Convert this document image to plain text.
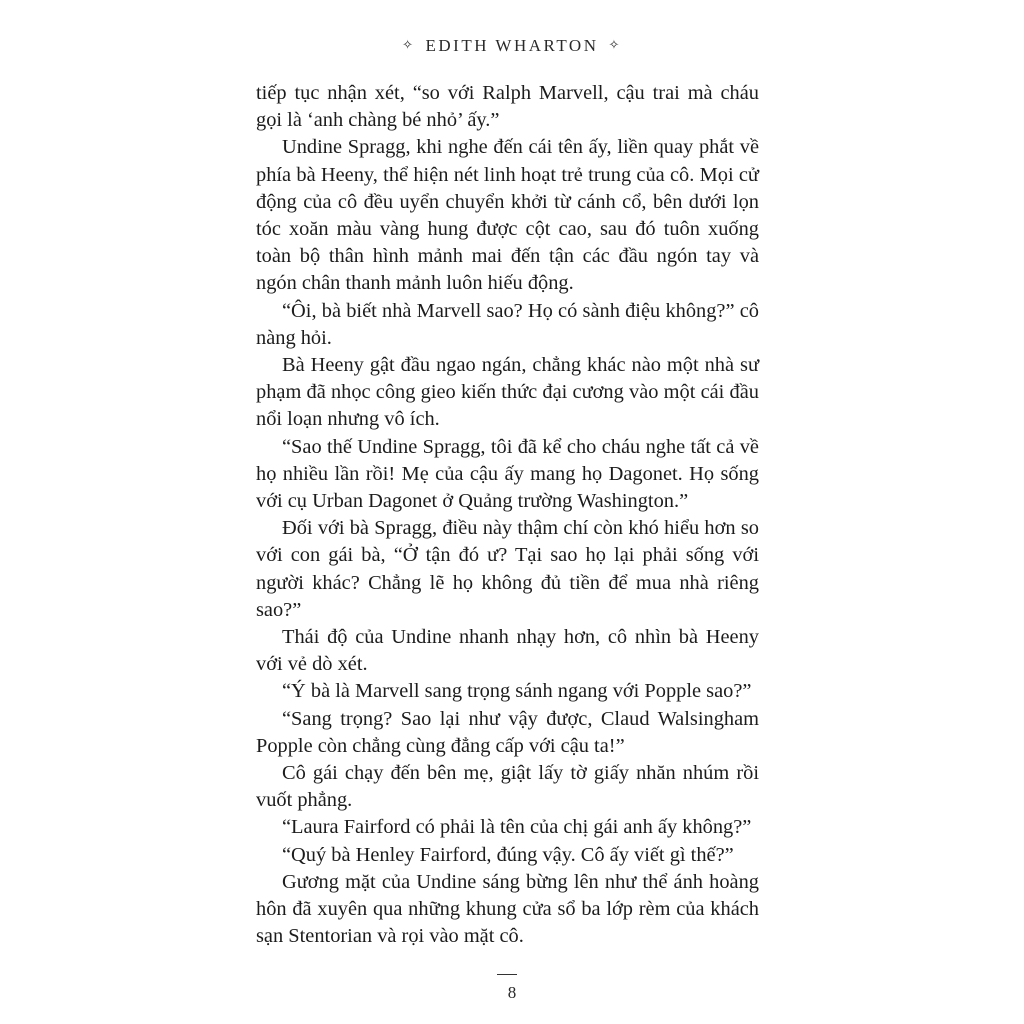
✧ EDITH WHARTON ✧

tiếp tục nhận xét, “so với Ralph Marvell, cậu trai mà cháu gọi là ‘anh chàng bé nhỏ’ ấy.”

Undine Spragg, khi nghe đến cái tên ấy, liền quay phắt về phía bà Heeny, thể hiện nét linh hoạt trẻ trung của cô. Mọi cử động của cô đều uyển chuyển khởi từ cánh cổ, bên dưới lọn tóc xoăn màu vàng hung được cột cao, sau đó tuôn xuống toàn bộ thân hình mảnh mai đến tận các đầu ngón tay và ngón chân thanh mảnh luôn hiếu động.

“Ôi, bà biết nhà Marvell sao? Họ có sành điệu không?” cô nàng hỏi.

Bà Heeny gật đầu ngao ngán, chẳng khác nào một nhà sư phạm đã nhọc công gieo kiến thức đại cương vào một cái đầu nổi loạn nhưng vô ích.

“Sao thế Undine Spragg, tôi đã kể cho cháu nghe tất cả về họ nhiều lần rồi! Mẹ của cậu ấy mang họ Dagonet. Họ sống với cụ Urban Dagonet ở Quảng trường Washington.”

Đối với bà Spragg, điều này thậm chí còn khó hiểu hơn so với con gái bà, “Ở tận đó ư? Tại sao họ lại phải sống với người khác? Chẳng lẽ họ không đủ tiền để mua nhà riêng sao?”

Thái độ của Undine nhanh nhạy hơn, cô nhìn bà Heeny với vẻ dò xét.

“Ý bà là Marvell sang trọng sánh ngang với Popple sao?”

“Sang trọng? Sao lại như vậy được, Claud Walsingham Popple còn chẳng cùng đẳng cấp với cậu ta!”

Cô gái chạy đến bên mẹ, giật lấy tờ giấy nhăn nhúm rồi vuốt phẳng.

“Laura Fairford có phải là tên của chị gái anh ấy không?”

“Quý bà Henley Fairford, đúng vậy. Cô ấy viết gì thế?”

Gương mặt của Undine sáng bừng lên như thể ánh hoàng hôn đã xuyên qua những khung cửa sổ ba lớp rèm của khách sạn Stentorian và rọi vào mặt cô.

8
